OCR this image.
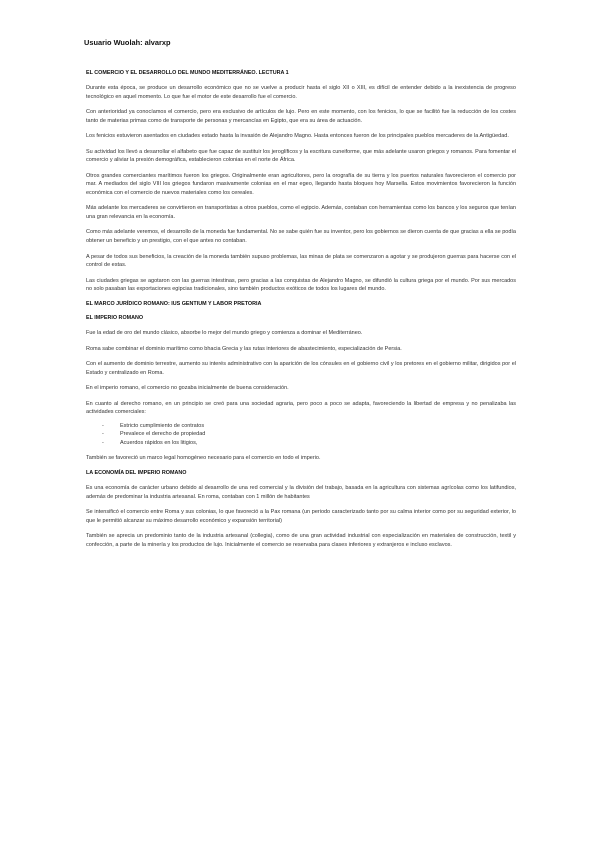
Usuario Wuolah: alvarxp
EL COMERCIO Y EL DESARROLLO DEL MUNDO MEDITERRÁNEO. LECTURA 1

Durante esta época, se produce un desarrollo económico que no se vuelve a producir hasta el siglo XII o XIII, es difícil de entender debido a la inexistencia de progreso tecnológico en aquel momento. Lo que fue el motor de este desarrollo fue el comercio.

Con anterioridad ya conocíamos el comercio, pero era exclusivo de artículos de lujo. Pero en este momento, con los fenicios, lo que se facilitó fue la reducción de los costes tanto de materias primas como de transporte de personas y mercancías en Egipto, que era su área de actuación.

Los fenicios estuvieron asentados en ciudades estado hasta la invasión de Alejandro Magno. Hasta entonces fueron de los principales pueblos mercaderes de la Antigüedad.

Su actividad los llevó a desarrollar el alfabeto que fue capaz de sustituir los jeroglíficos y la escritura cuneiforme, que más adelante usaron griegos y romanos. Para fomentar el comercio y aliviar la presión demográfica, establecieron colonias en el norte de África.

Otros grandes comerciantes marítimos fueron los griegos. Originalmente eran agricultores, pero la orografía de su tierra y los puertos naturales favorecieron el comercio por mar. A mediados del siglo VIII los griegos fundaron masivamente colonias en el mar egeo, llegando hasta bloques hoy Marsella. Estos movimientos favorecieron la función económica con el comercio de nuevos materiales como los cereales.

Más adelante los mercaderes se convirtieron en transportistas a otros pueblos, como el egipcio. Además, contaban con herramientas como los bancos y los seguros que tenían una gran relevancia en la economía.

Como más adelante veremos, el desarrollo de la moneda fue fundamental. No se sabe quién fue su inventor, pero los gobiernos se dieron cuenta de que gracias a ella se podía obtener un beneficio y un prestigio, con el que antes no contaban.

A pesar de todos sus beneficios, la creación de la moneda también supuso problemas, las minas de plata se comenzaron a agotar y se produjeron guerras para hacerse con el control de estas.

Las ciudades griegas se agotaron con las guerras intestinas, pero gracias a las conquistas de Alejandro Magno, se difundió la cultura griega por el mundo. Por sus mercados no solo pasaban las exportaciones egipcias tradicionales, sino también productos exóticos de todos los lugares del mundo.

EL MARCO JURÍDICO ROMANO: IUS GENTIUM Y LABOR PRETORIA
EL IMPERIO ROMANO

Fue la edad de oro del mundo clásico, absorbe lo mejor del mundo griego y comienza a dominar el Mediterráneo.

Roma sabe combinar el dominio marítimo como bhacia Grecia y las rutas interiores de abastecimiento, especialización de Persia.

Con el aumento de dominio terrestre, aumento su interés administrativo con la aparición de los cónsules en el gobierno civil y los pretores en el gobierno militar, dirigidos por el Estado y centralizado en Roma.

En el imperio romano, el comercio no gozaba inicialmente de buena consideración.

En cuanto al derecho romano, en un principio se creó para una sociedad agraria, pero poco a poco se adapta, favoreciendo la libertad de empresa y no penalizaba las actividades comerciales:

- Estricto cumplimiento de contratos
- Prevalece el derecho de propiedad
- Acuerdos rápidos en los litigios,

También se favoreció un marco legal homogéneo necesario para el comercio en todo el imperio.

LA ECONOMÍA DEL IMPERIO ROMANO

Es una economía de carácter urbano debido al desarrollo de una red comercial y la división del trabajo, basada en la agricultura con sistemas agrícolas como los latifundios, además de predominar la industria artesanal. En roma, contaban con 1 millón de habitantes

Se intensificó el comercio entre Roma y sus colonias, lo que favoreció a la Pax romana (un periodo caracterizado tanto por su calma interior como por su seguridad exterior, lo que le permitió alcanzar su máximo desarrollo económico y expansión territorial)

También se aprecia un predominio tanto de la industria artesanal (collegia), como de una gran actividad industrial con especialización en materiales de construcción, textil y confección, a parte de la minería y los productos de lujo. Inicialmente el comercio se reservaba para clases inferiores y extranjeros e incluso esclavos.
